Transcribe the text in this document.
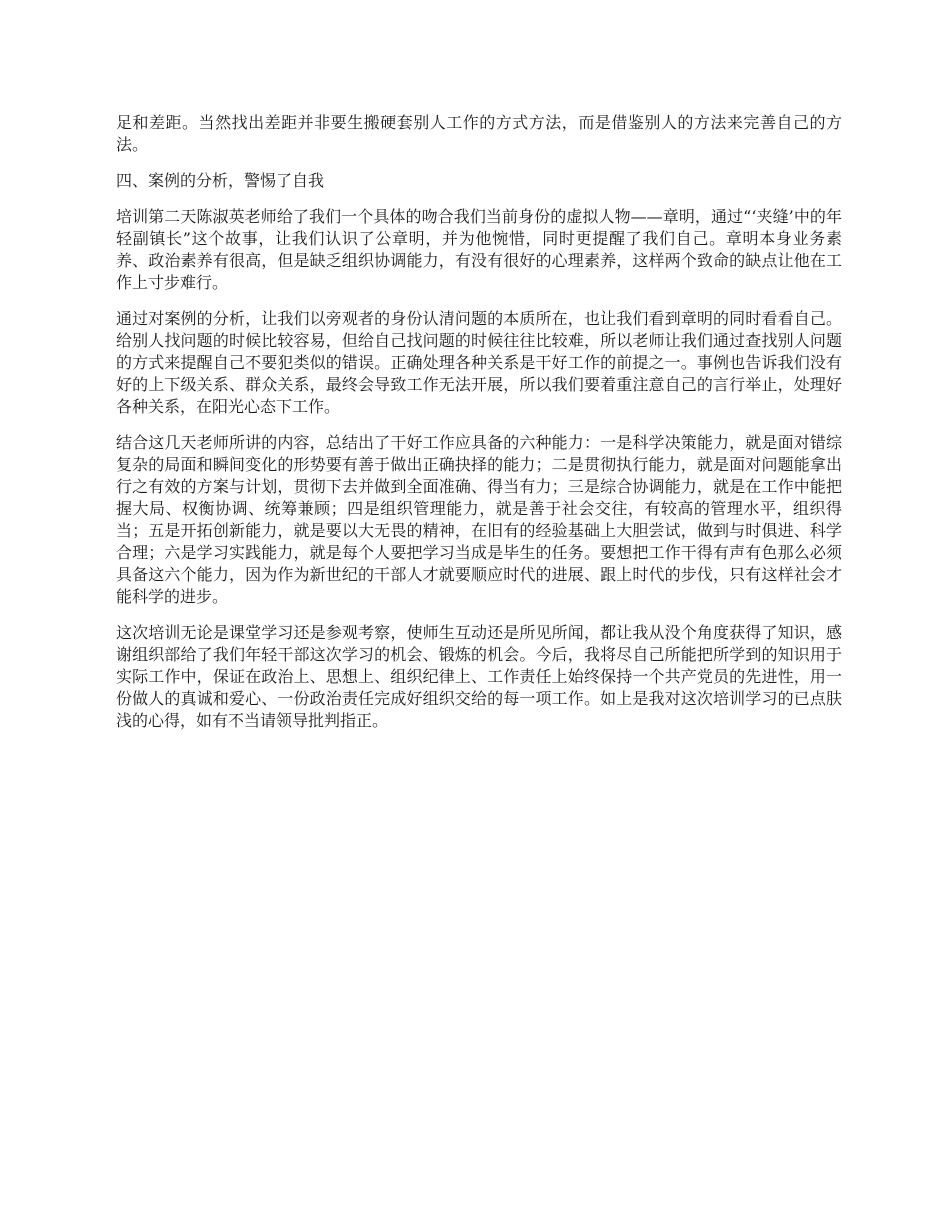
足和差距。当然找出差距并非要生搬硬套别人工作的方式方法，而是借鉴别人的方法来完善自己的方法。

四、案例的分析，警惕了自我

培训第二天陈淑英老师给了我们一个具体的吻合我们当前身份的虚拟人物——章明，通过“‘夹缝’中的年轻副镇长”这个故事，让我们认识了公章明，并为他惋惜，同时更提醒了我们自己。章明本身业务素养、政治素养有很高，但是缺乏组织协调能力，有没有很好的心理素养，这样两个致命的缺点让他在工作上寸步难行。

通过对案例的分析，让我们以旁观者的身份认清问题的本质所在，也让我们看到章明的同时看看自己。给别人找问题的时候比较容易，但给自己找问题的时候往往比较难，所以老师让我们通过查找别人问题的方式来提醒自己不要犯类似的错误。正确处理各种关系是干好工作的前提之一。事例也告诉我们没有好的上下级关系、群众关系，最终会导致工作无法开展，所以我们要着重注意自己的言行举止，处理好各种关系，在阳光心态下工作。

结合这几天老师所讲的内容，总结出了干好工作应具备的六种能力：一是科学决策能力，就是面对错综复杂的局面和瞬间变化的形势要有善于做出正确抉择的能力；二是贯彻执行能力，就是面对问题能拿出行之有效的方案与计划，贯彻下去并做到全面准确、得当有力；三是综合协调能力，就是在工作中能把握大局、权衡协调、统筹兼顾；四是组织管理能力，就是善于社会交往，有较高的管理水平，组织得当；五是开拓创新能力，就是要以大无畏的精神，在旧有的经验基础上大胆尝试，做到与时俱进、科学合理；六是学习实践能力，就是每个人要把学习当成是毕生的任务。要想把工作干得有声有色那么必须具备这六个能力，因为作为新世纪的干部人才就要顺应时代的进展、跟上时代的步伐，只有这样社会才能科学的进步。

这次培训无论是课堂学习还是参观考察，使师生互动还是所见所闻，都让我从没个角度获得了知识，感谢组织部给了我们年轻干部这次学习的机会、锻炼的机会。今后，我将尽自己所能把所学到的知识用于实际工作中，保证在政治上、思想上、组织纪律上、工作责任上始终保持一个共产党员的先进性，用一份做人的真诚和爱心、一份政治责任完成好组织交给的每一项工作。如上是我对这次培训学习的已点肤浅的心得，如有不当请领导批判指正。
